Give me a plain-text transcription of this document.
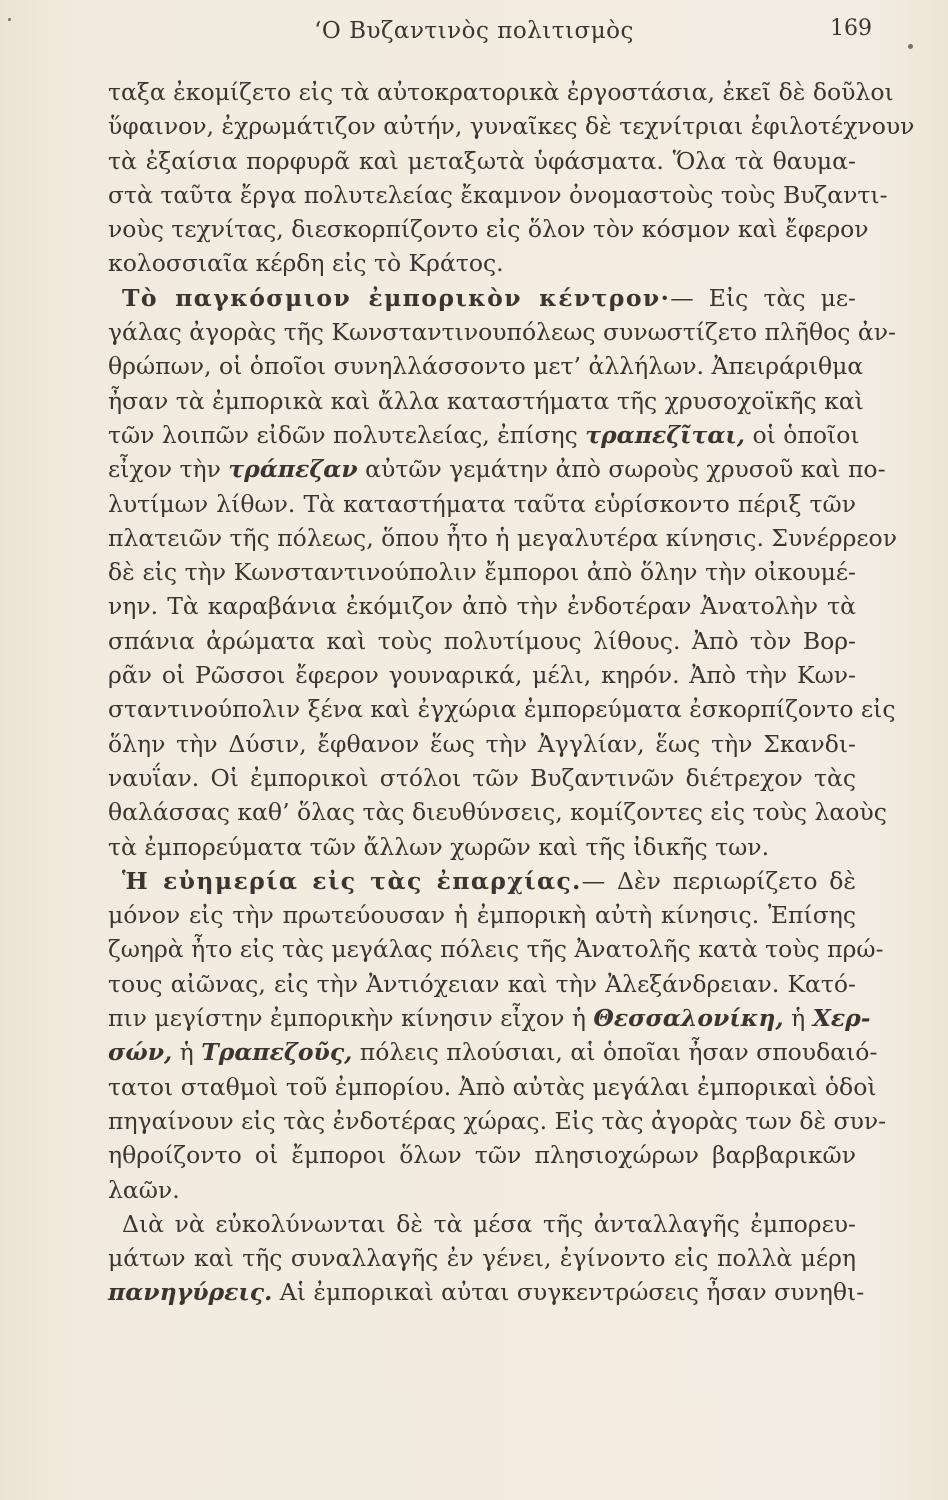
‘Ο Βυζαντινὸς πολιτισμὸς	169
ταξα ἐκομίζετο εἰς τὰ αὐτοκρατορικὰ ἐργοστάσια, ἐκεῖ δὲ δοῦλοι
ὕφαινον, ἐχρωμάτιζον αὐτήν, γυναῖκες δὲ τεχνίτριαι ἐφιλοτέχνουν
τὰ ἐξαίσια πορφυρᾶ καὶ μεταξωτὰ ὑφάσματα. Ὅλα τὰ θαυμα-
στὰ ταῦτα ἔργα πολυτελείας ἔκαμνον ὀνομαστοὺς τοὺς Βυζαντι-
νοὺς τεχνίτας, διεσκορπίζοντο εἰς ὅλον τὸν κόσμον καὶ ἔφερον
κολοσσιαῖα κέρδη εἰς τὸ Κράτος.
Τὸ παγκόσμιον ἐμπορικὸν κέντρον·— Εἰς τὰς με-
γάλας ἀγορὰς τῆς Κωνσταντινουπόλεως συνωστίζετο πλῆθος ἀν-
θρώπων, οἱ ὁποῖοι συνηλλάσσοντο μετ’ ἀλλήλων. Ἀπειράριθμα
ἦσαν τὰ ἐμπορικὰ καὶ ἄλλα καταστήματα τῆς χρυσοχοϊκῆς καὶ
τῶν λοιπῶν εἰδῶν πολυτελείας, ἐπίσης τραπεζῖται, οἱ ὁποῖοι
εἶχον τὴν τράπεζαν αὐτῶν γεμάτην ἀπὸ σωροὺς χρυσοῦ καὶ πο-
λυτίμων λίθων. Τὰ καταστήματα ταῦτα εὑρίσκοντο πέριξ τῶν
πλατειῶν τῆς πόλεως, ὅπου ἦτο ἡ μεγαλυτέρα κίνησις. Συνέρρεον
δὲ εἰς τὴν Κωνσταντινούπολιν ἔμποροι ἀπὸ ὅλην τὴν οἰκουμέ-
νην. Τὰ καραβάνια ἐκόμιζον ἀπὸ τὴν ἐνδοτέραν Ἀνατολὴν τὰ
σπάνια ἀρώματα καὶ τοὺς πολυτίμους λίθους. Ἀπὸ τὸν Βορ-
ρᾶν οἱ Ρῶσσοι ἔφερον γουναρικά, μέλι, κηρόν. Ἀπὸ τὴν Κων-
σταντινούπολιν ξένα καὶ ἐγχώρια ἐμπορεύματα ἐσκορπίζοντο εἰς
ὅλην τὴν Δύσιν, ἔφθανον ἕως τὴν Ἀγγλίαν, ἕως τὴν Σκανδι-
ναυΐαν. Οἱ ἐμπορικοὶ στόλοι τῶν Βυζαντινῶν διέτρεχον τὰς
θαλάσσας καθ’ ὅλας τὰς διευθύνσεις, κομίζοντες εἰς τοὺς λαοὺς
τὰ ἐμπορεύματα τῶν ἄλλων χωρῶν καὶ τῆς ἰδικῆς των.
Ἡ εὐημερία εἰς τὰς ἐπαρχίας.— Δὲν περιωρίζετο δὲ
μόνον εἰς τὴν πρωτεύουσαν ἡ ἐμπορικὴ αὐτὴ κίνησις. Ἐπίσης
ζωηρὰ ἦτο εἰς τὰς μεγάλας πόλεις τῆς Ἀνατολῆς κατὰ τοὺς πρώ-
τους αἰῶνας, εἰς τὴν Ἀντιόχειαν καὶ τὴν Ἀλεξάνδρειαν. Κατό-
πιν μεγίστην ἐμπορικὴν κίνησιν εἶχον ἡ Θεσσαλονίκη, ἡ Χερ-
σών, ἡ Τραπεζοῦς, πόλεις πλούσιαι, αἱ ὁποῖαι ἦσαν σπουδαιό-
τατοι σταθμοὶ τοῦ ἐμπορίου. Ἀπὸ αὐτὰς μεγάλαι ἐμπορικαὶ ὁδοὶ
πηγαίνουν εἰς τὰς ἐνδοτέρας χώρας. Εἰς τὰς ἀγορὰς των δὲ συν-
ηθροίζοντο οἱ ἔμποροι ὅλων τῶν πλησιοχώρων βαρβαρικῶν
λαῶν.
Διὰ νὰ εὐκολύνωνται δὲ τὰ μέσα τῆς ἀνταλλαγῆς ἐμπορευ-
μάτων καὶ τῆς συναλλαγῆς ἐν γένει, ἐγίνοντο εἰς πολλὰ μέρη
πανηγύρεις. Αἱ ἐμπορικαὶ αὐται συγκεντρώσεις ἦσαν συνηθι-
